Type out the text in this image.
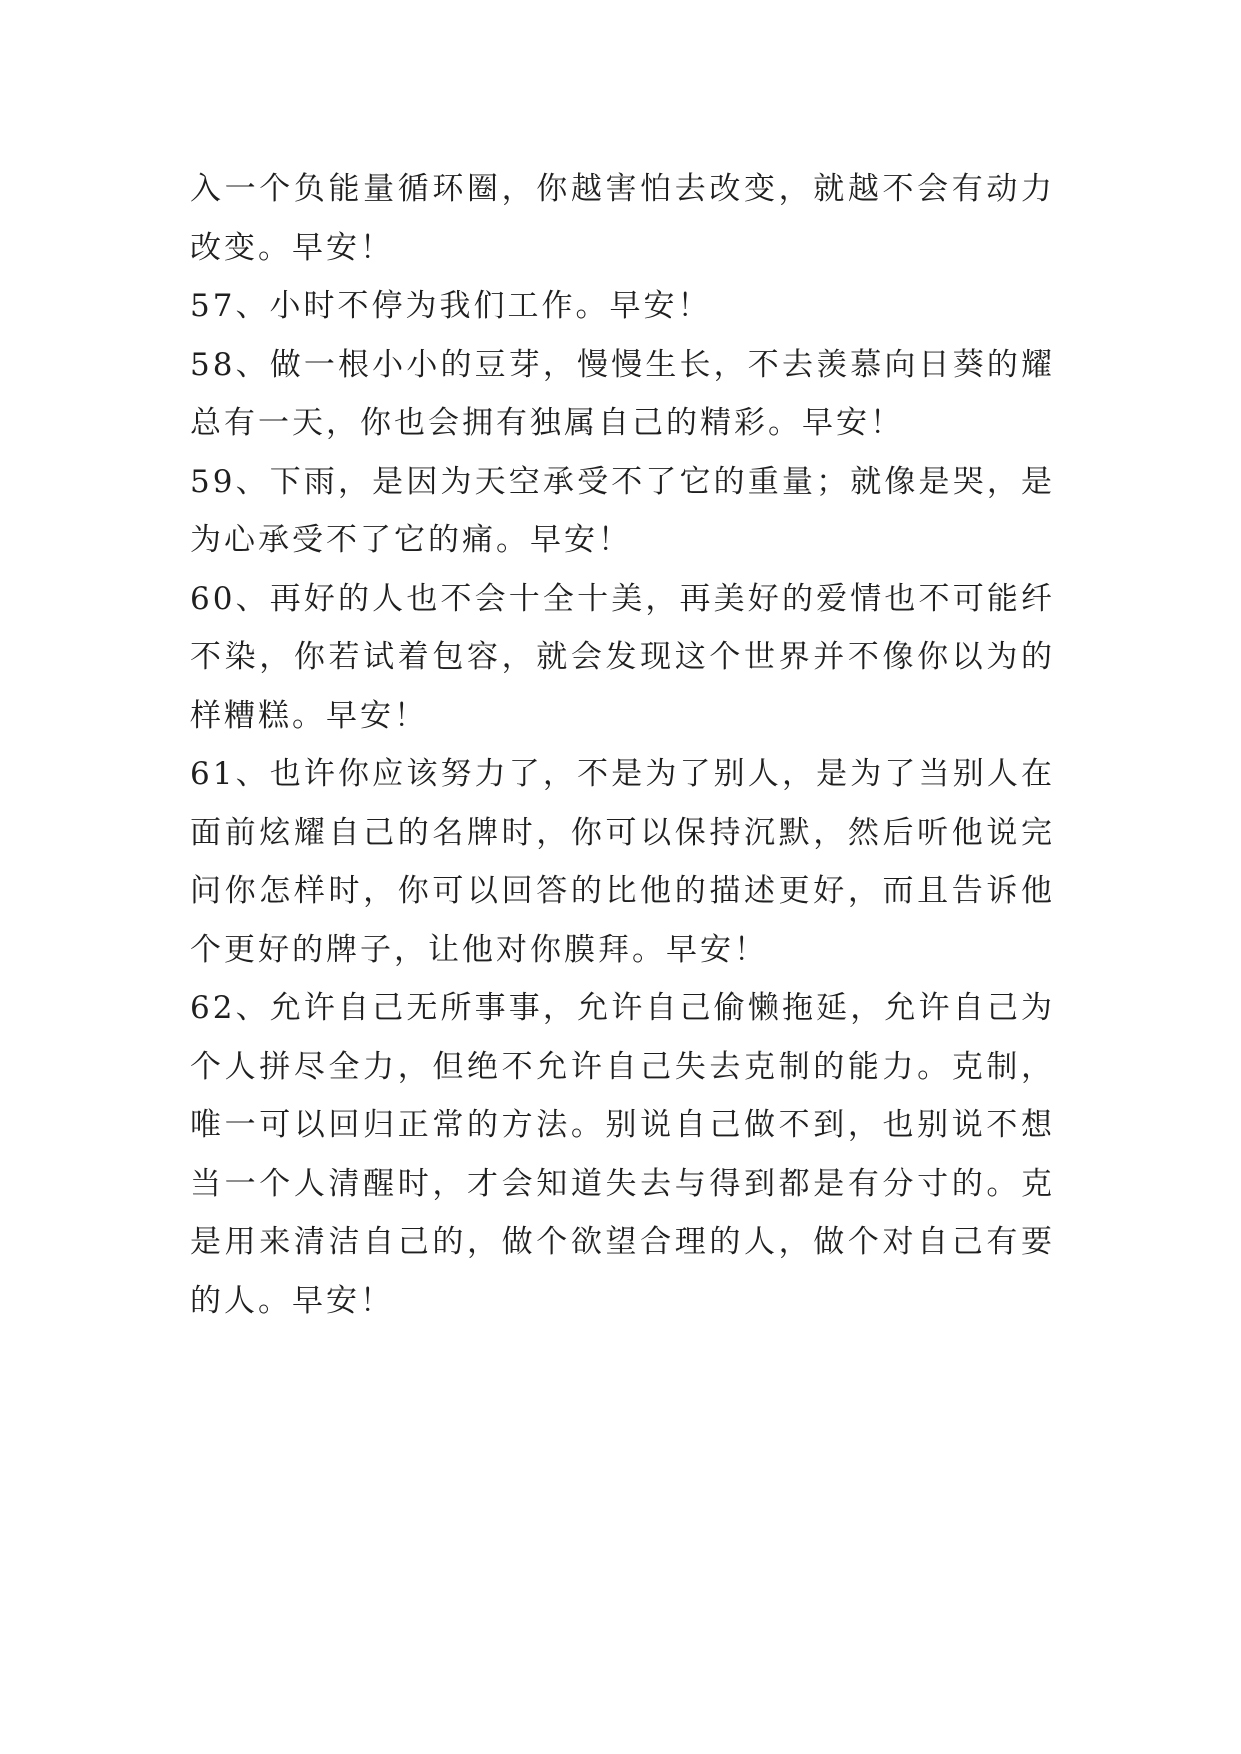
入一个负能量循环圈，你越害怕去改变，就越不会有动力
改变。早安！
57、小时不停为我们工作。早安！
58、做一根小小的豆芽，慢慢生长，不去羡慕向日葵的耀
总有一天，你也会拥有独属自己的精彩。早安！
59、下雨，是因为天空承受不了它的重量；就像是哭，是
为心承受不了它的痛。早安！
60、再好的人也不会十全十美，再美好的爱情也不可能纤
不染，你若试着包容，就会发现这个世界并不像你以为的
样糟糕。早安！
61、也许你应该努力了，不是为了别人，是为了当别人在
面前炫耀自己的名牌时，你可以保持沉默，然后听他说完
问你怎样时，你可以回答的比他的描述更好，而且告诉他
个更好的牌子，让他对你膜拜。早安！
62、允许自己无所事事，允许自己偷懒拖延，允许自己为
个人拼尽全力，但绝不允许自己失去克制的能力。克制，
唯一可以回归正常的方法。别说自己做不到，也别说不想
当一个人清醒时，才会知道失去与得到都是有分寸的。克
是用来清洁自己的，做个欲望合理的人，做个对自己有要
的人。早安！
